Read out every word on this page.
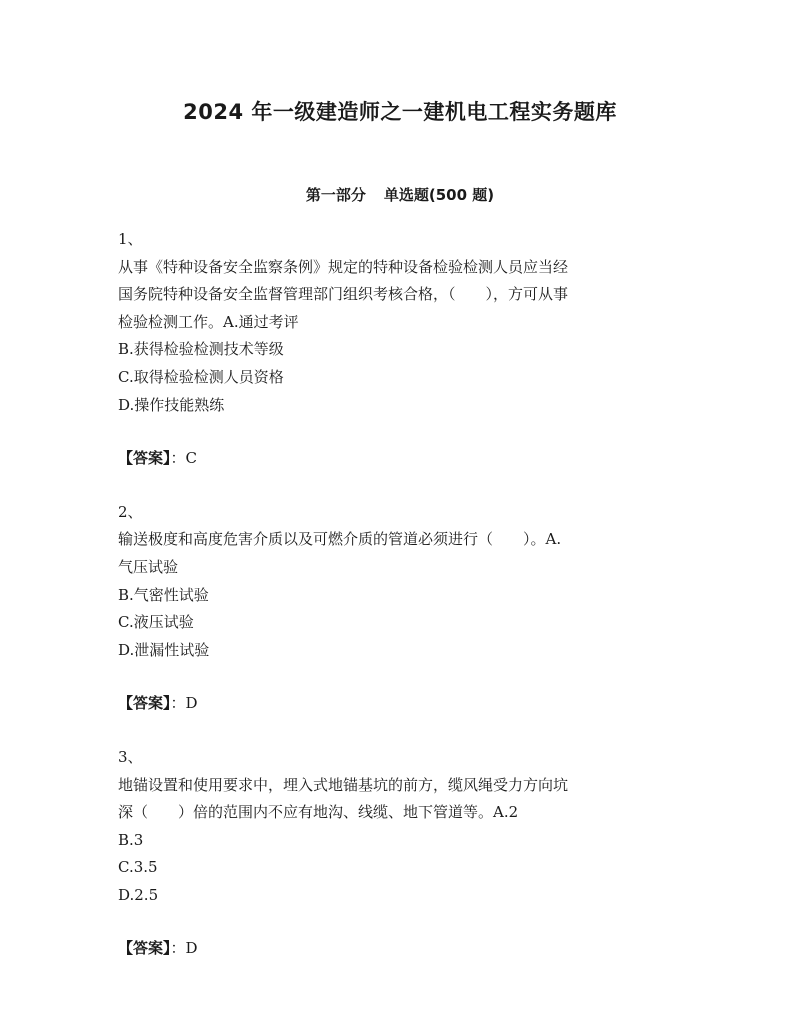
2024 年一级建造师之一建机电工程实务题库
第一部分 单选题(500 题)
1、
从事《特种设备安全监察条例》规定的特种设备检验检测人员应当经
国务院特种设备安全监督管理部门组织考核合格，（　　），方可从事
检验检测工作。A.通过考评
B.获得检验检测技术等级
C.取得检验检测人员资格
D.操作技能熟练
【答案】：C
2、
输送极度和高度危害介质以及可燃介质的管道必须进行（　　）。A.
气压试验
B.气密性试验
C.液压试验
D.泄漏性试验
【答案】：D
3、
地锚设置和使用要求中，埋入式地锚基坑的前方，缆风绳受力方向坑
深（　　）倍的范围内不应有地沟、线缆、地下管道等。A.2
B.3
C.3.5
D.2.5
【答案】：D
